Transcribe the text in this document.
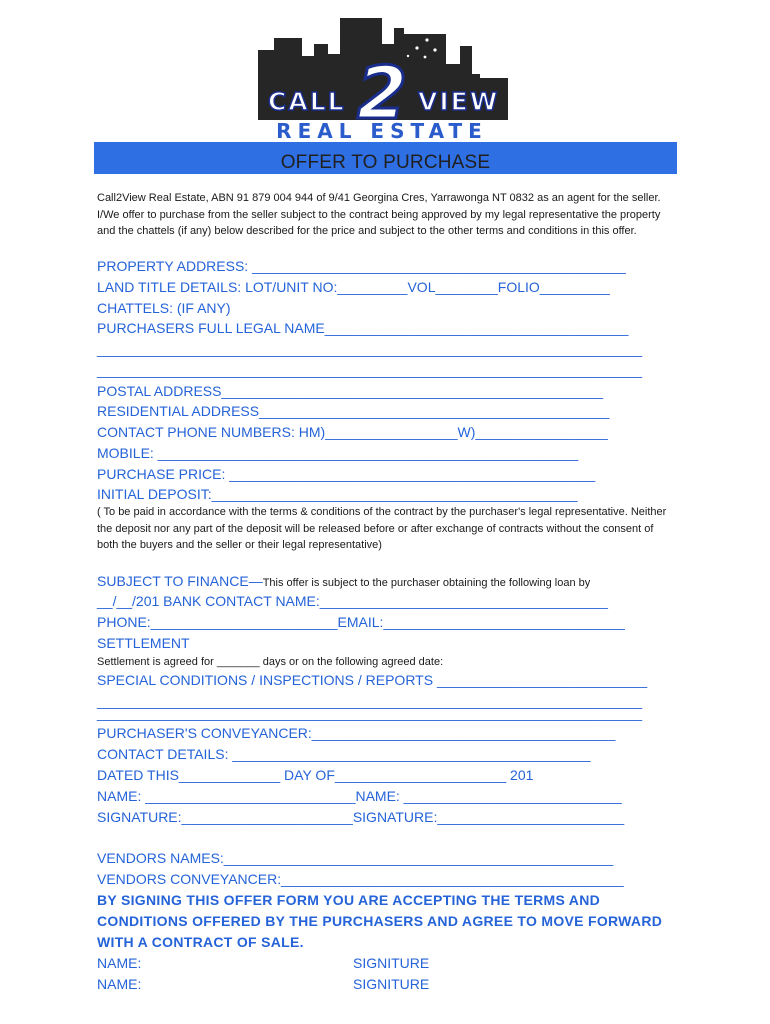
CALL 2 VIEW
REAL ESTATE
OFFER TO PURCHASE

Call2View Real Estate, ABN 91 879 004 944 of 9/41 Georgina Cres, Yarrawonga NT 0832 as an agent for the seller. I/We offer to purchase from the seller subject to the contract being approved by my legal representative the property and the chattels (if any) below described for the price and subject to the other terms and conditions in this offer.

PROPERTY ADDRESS: ________________________________________________
LAND TITLE DETAILS: LOT/UNIT NO:_________VOL________FOLIO_________
CHATTELS: (IF ANY)
PURCHASERS FULL LEGAL NAME_______________________________________
______________________________________________________________________
______________________________________________________________________
POSTAL ADDRESS_________________________________________________
RESIDENTIAL ADDRESS_____________________________________________
CONTACT PHONE NUMBERS: HM)_________________W)_________________
MOBILE: ______________________________________________________
PURCHASE PRICE: _______________________________________________
INITIAL DEPOSIT:_______________________________________________

( To be paid in accordance with the terms & conditions of the contract by the purchaser's legal representative. Neither the deposit nor any part of the deposit will be released before or after exchange of contracts without the consent of both the buyers and the seller or their legal representative)

SUBJECT TO FINANCE—This offer is subject to the purchaser obtaining the following loan by
__/__/201 BANK CONTACT NAME:_____________________________________
PHONE:________________________EMAIL:_______________________________
SETTLEMENT
Settlement is agreed for _______ days or on the following agreed date:
SPECIAL CONDITIONS / INSPECTIONS / REPORTS ___________________________
______________________________________________________________________
______________________________________________________________________
PURCHASER'S CONVEYANCER:_______________________________________
CONTACT DETAILS: ______________________________________________
DATED THIS_____________ DAY OF______________________ 201
NAME: ___________________________NAME: ____________________________
SIGNATURE:______________________SIGNATURE:________________________
VENDORS NAMES:__________________________________________________
VENDORS CONVEYANCER:____________________________________________
BY SIGNING THIS OFFER FORM YOU ARE ACCEPTING THE TERMS AND CONDITIONS OFFERED BY THE PURCHASERS AND AGREE TO MOVE FORWARD WITH A CONTRACT OF SALE.
NAME:	SIGNITURE
NAME:	SIGNITURE
